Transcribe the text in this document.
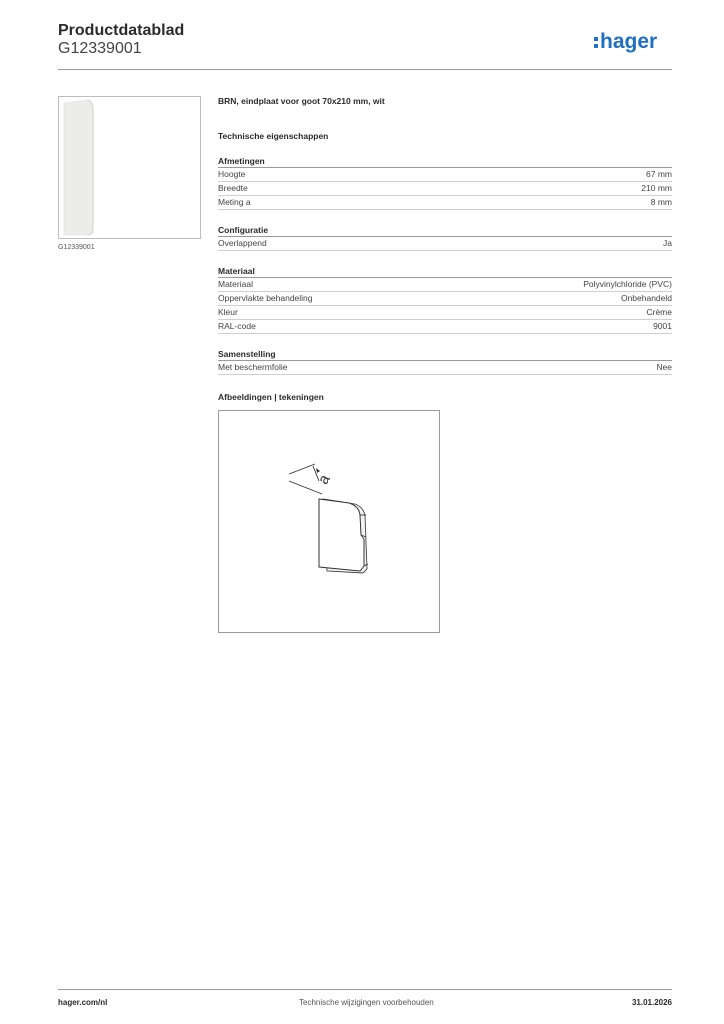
Productdatablad
G12339001	hager
G12339001
BRN, eindplaat voor goot 70x210 mm, wit
Technische eigenschappen
Afmetingen
Hoogte	67 mm
Breedte	210 mm
Meting a	8 mm
Configuratie
Overlappend	Ja
Materiaal
Materiaal	Polyvinylchloride (PVC)
Oppervlakte behandeling	Onbehandeld
Kleur	Crème
RAL-code	9001
Samenstelling
Met beschermfolie	Nee
Afbeeldingen | tekeningen
a
hager.com/nl	Technische wijzigingen voorbehouden	31.01.2026
